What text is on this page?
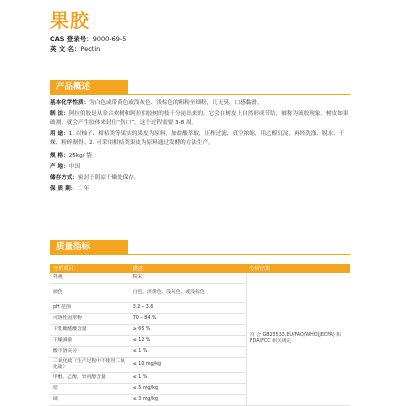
果胶
CAS 登录号：9000-69-5
英 文 名：Pectin
产品概述
基本化学性质：为白色或带黄色或浅灰色、浅棕色的粗粉至细粉，几无臭，口感黏滑。
制 法：阿拉伯胶是从金合欢树和阿拉伯胶树的枝干分泌出来的，它会在树皮上自然形成节结，被称为流胶现象。树皮如果破割，就会产生胶体来封住“伤口”，这个过程需要 3-8 周。
用 途：1. 以柚子、柑桔类等果实的果皮为原料，加盐酸萃取，压榨过滤，真空浓缩，用乙醇沉淀，再经洗涤、脱水、干燥、粉碎制得；2. 可采用柑桔类果皮为原料通过发酵的方法生产。
规 格：25kg/ 袋
产 地：中国
储存方式：密封于阴凉干燥处保存。
保 质 期：二 年
质量指标
分析项目	描述	分析结果
外观	粉末	符 合 GB25533,EU/FAO/WHO(JECFA) 和 FDA/FCC 相关规定
颜色	白色、淡黄色、浅灰色、或浅棕色	
pH 范围	3.2 – 3.6	
可溶性固形物	70 – 84 %	
干乳糖醛酸含量	≥ 65 %	
干燥减量	≤ 12 %	
酸不溶灰分	≤ 1 %	
二氧化硫（生产过程中不使用二氧化硫）	≤ 10 mg/kg	
甲醇，乙醇，异丙醇含量	≤ 1 %	
铅	≤ 5 mg/kg	
砷	≤ 3 mg/kg	
